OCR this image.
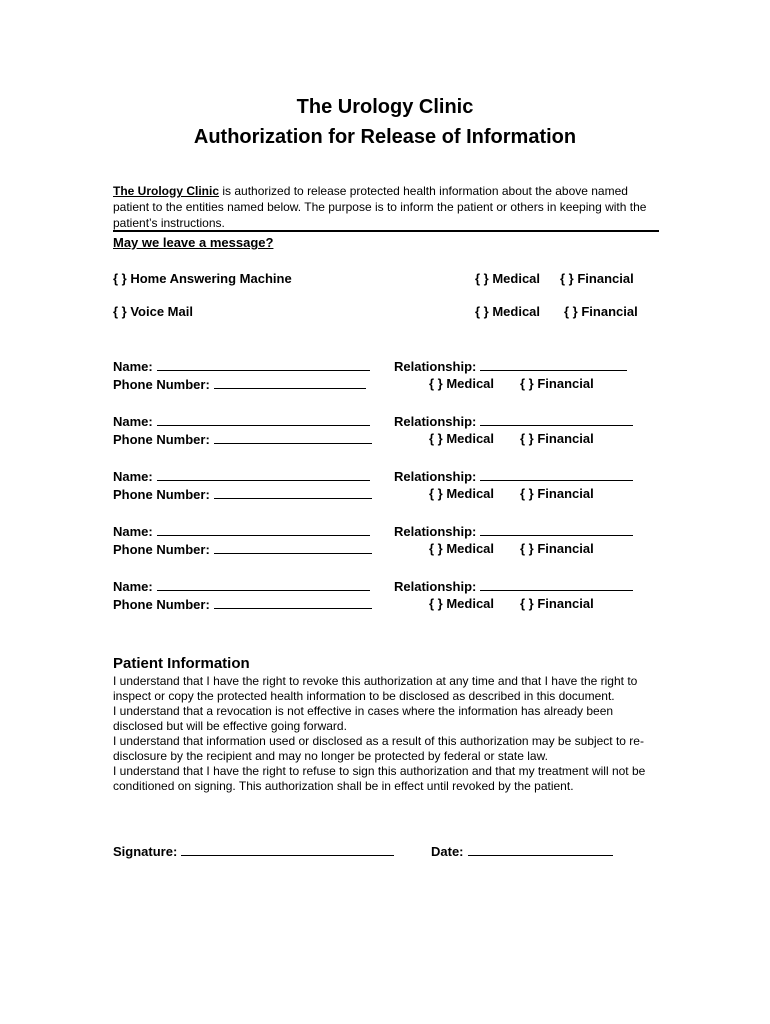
The Urology Clinic
Authorization for Release of Information
The Urology Clinic is authorized to release protected health information about the above named patient to the entities named below. The purpose is to inform the patient or others in keeping with the patient’s instructions.
May we leave a message?
{ } Home Answering Machine	{ } Medical { } Financial
{ } Voice Mail	{ } Medical { } Financial
Name:
Phone Number:
Relationship:
{ } Medical { } Financial
Name:
Phone Number:
Relationship:
{ } Medical { } Financial
Name:
Phone Number:
Relationship:
{ } Medical { } Financial
Name:
Phone Number:
Relationship:
{ } Medical { } Financial
Name:
Phone Number:
Relationship:
{ } Medical { } Financial
Patient Information

I understand that I have the right to revoke this authorization at any time and that I have the right to inspect or copy the protected health information to be disclosed as described in this document.

I understand that a revocation is not effective in cases where the information has already been disclosed but will be effective going forward.

I understand that information used or disclosed as a result of this authorization may be subject to re-disclosure by the recipient and may no longer be protected by federal or state law.

I understand that I have the right to refuse to sign this authorization and that my treatment will not be conditioned on signing. This authorization shall be in effect until revoked by the patient.

Signature:	Date:
